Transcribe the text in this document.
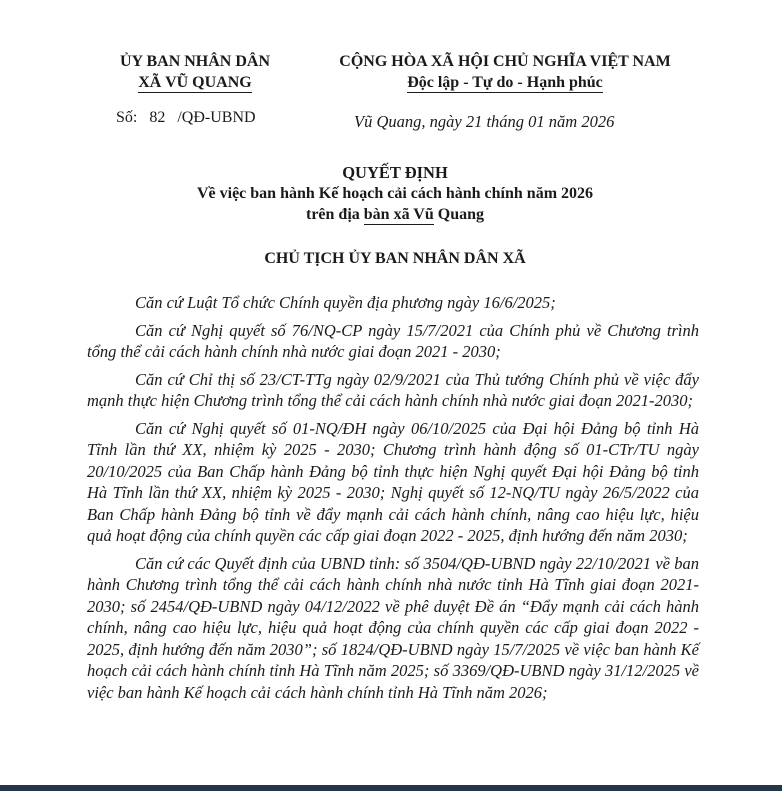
ỦY BAN NHÂN DÂN
XÃ VŨ QUANG
CỘNG HÒA XÃ HỘI CHỦ NGHĨA VIỆT NAM
Độc lập - Tự do - Hạnh phúc
Số:   82   /QĐ-UBND	Vũ Quang, ngày 21 tháng 01 năm 2026
QUYẾT ĐỊNH
Về việc ban hành Kế hoạch cải cách hành chính năm 2026
trên địa bàn xã Vũ Quang
CHỦ TỊCH ỦY BAN NHÂN DÂN XÃ

Căn cứ Luật Tổ chức Chính quyền địa phương ngày 16/6/2025;

Căn cứ Nghị quyết số 76/NQ-CP ngày 15/7/2021 của Chính phủ về Chương trình tổng thể cải cách hành chính nhà nước giai đoạn 2021 - 2030;

Căn cứ Chỉ thị số 23/CT-TTg ngày 02/9/2021 của Thủ tướng Chính phủ về việc đẩy mạnh thực hiện Chương trình tổng thể cải cách hành chính nhà nước giai đoạn 2021-2030;

Căn cứ Nghị quyết số 01-NQ/ĐH ngày 06/10/2025 của Đại hội Đảng bộ tỉnh Hà Tĩnh lần thứ XX, nhiệm kỳ 2025 - 2030; Chương trình hành động số 01-CTr/TU ngày 20/10/2025 của Ban Chấp hành Đảng bộ tỉnh thực hiện Nghị quyết Đại hội Đảng bộ tỉnh Hà Tĩnh lần thứ XX, nhiệm kỳ 2025 - 2030; Nghị quyết số 12-NQ/TU ngày 26/5/2022 của Ban Chấp hành Đảng bộ tỉnh về đẩy mạnh cải cách hành chính, nâng cao hiệu lực, hiệu quả hoạt động của chính quyền các cấp giai đoạn 2022 - 2025, định hướng đến năm 2030;

Căn cứ các Quyết định của UBND tỉnh: số 3504/QĐ-UBND ngày 22/10/2021 về ban hành Chương trình tổng thể cải cách hành chính nhà nước tỉnh Hà Tĩnh giai đoạn 2021-2030; số 2454/QĐ-UBND ngày 04/12/2022 về phê duyệt Đề án “Đẩy mạnh cải cách hành chính, nâng cao hiệu lực, hiệu quả hoạt động của chính quyền các cấp giai đoạn 2022 - 2025, định hướng đến năm 2030”; số 1824/QĐ-UBND ngày 15/7/2025 về việc ban hành Kế hoạch cải cách hành chính tỉnh Hà Tĩnh năm 2025; số 3369/QĐ-UBND ngày 31/12/2025 về việc ban hành Kế hoạch cải cách hành chính tỉnh Hà Tĩnh năm 2026;
